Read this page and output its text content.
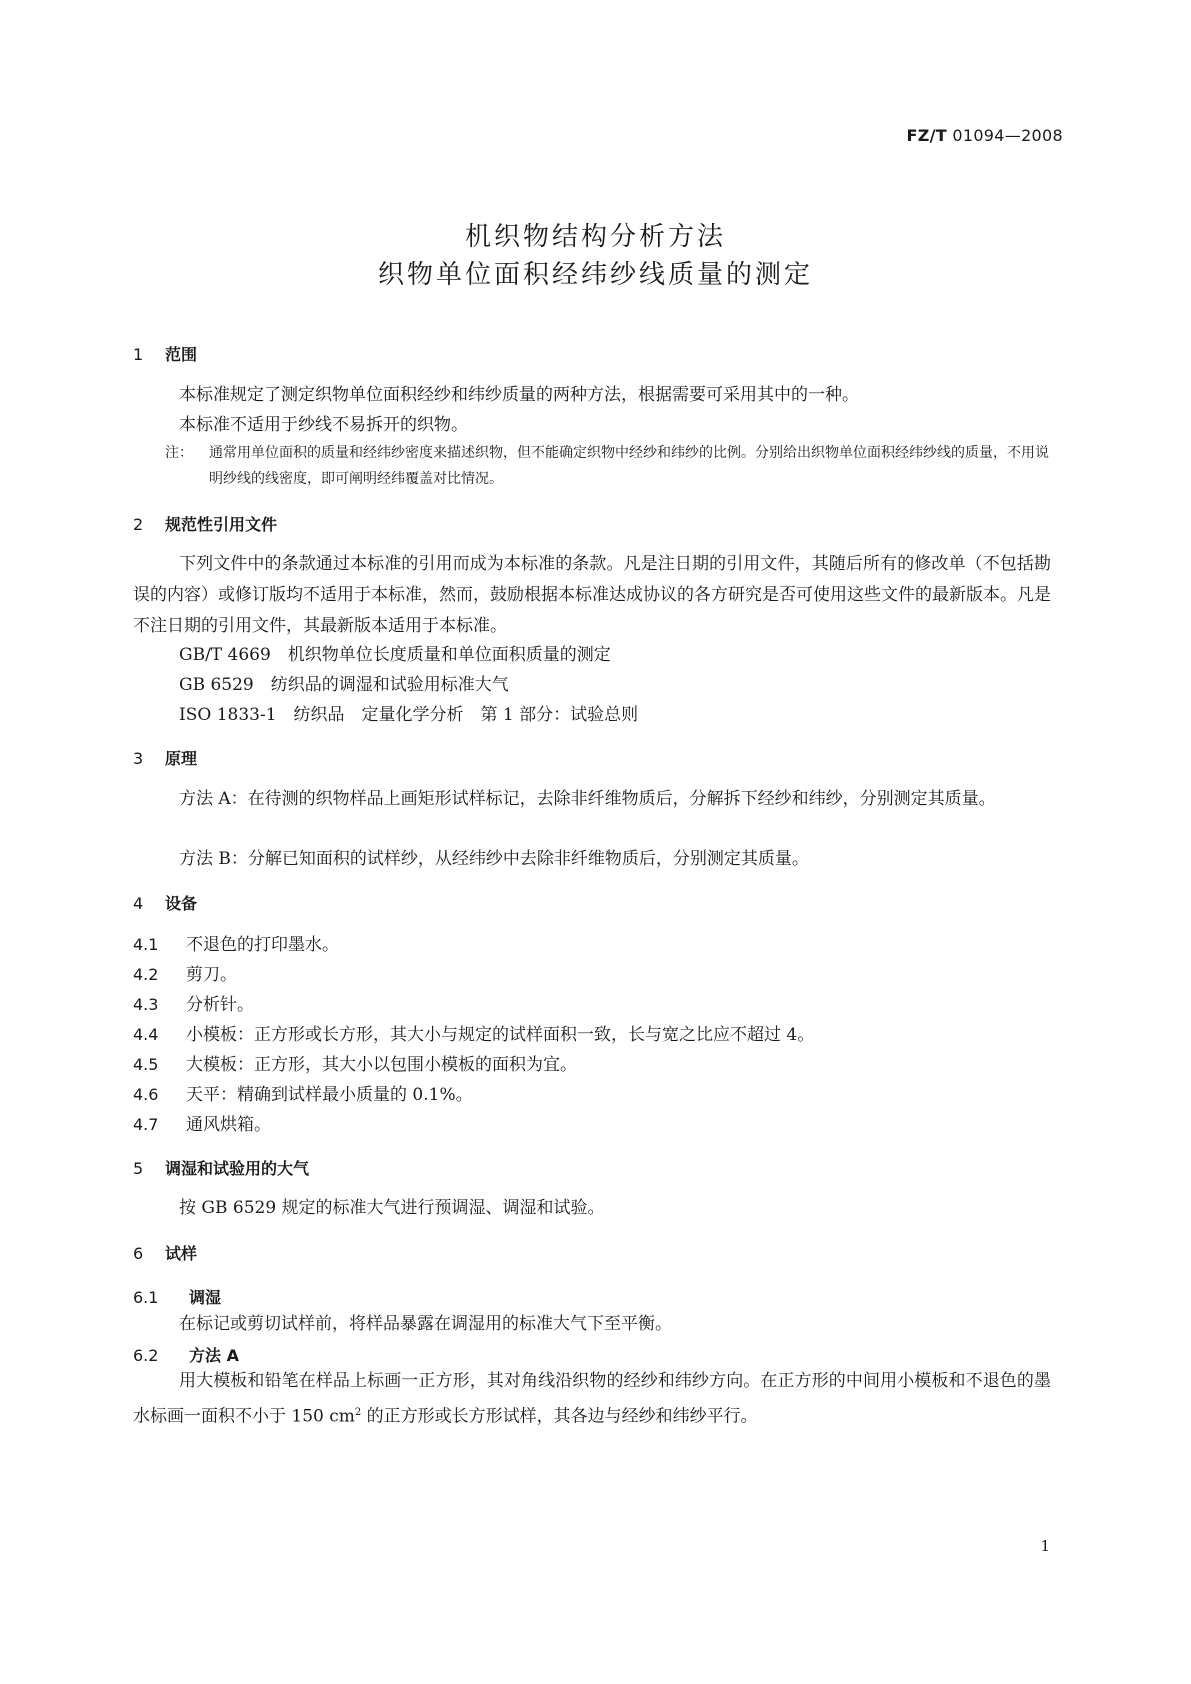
FZ/T 01094—2008
机织物结构分析方法
织物单位面积经纬纱线质量的测定
1 范围
本标准规定了测定织物单位面积经纱和纬纱质量的两种方法，根据需要可采用其中的一种。
本标准不适用于纱线不易拆开的织物。
注： 通常用单位面积的质量和经纬纱密度来描述织物，但不能确定织物中经纱和纬纱的比例。分别给出织物单位面积经纬纱线的质量，不用说明纱线的线密度，即可阐明经纬覆盖对比情况。
2 规范性引用文件
下列文件中的条款通过本标准的引用而成为本标准的条款。凡是注日期的引用文件，其随后所有的修改单（不包括勘误的内容）或修订版均不适用于本标准，然而，鼓励根据本标准达成协议的各方研究是否可使用这些文件的最新版本。凡是不注日期的引用文件，其最新版本适用于本标准。
GB/T 4669　机织物单位长度质量和单位面积质量的测定
GB 6529　纺织品的调湿和试验用标准大气
ISO 1833-1　纺织品　定量化学分析　第 1 部分：试验总则
3 原理
方法 A：在待测的织物样品上画矩形试样标记，去除非纤维物质后，分解拆下经纱和纬纱，分别测定其质量。
方法 B：分解已知面积的试样纱，从经纬纱中去除非纤维物质后，分别测定其质量。
4 设备
4.1 不退色的打印墨水。
4.2 剪刀。
4.3 分析针。
4.4 小模板：正方形或长方形，其大小与规定的试样面积一致，长与宽之比应不超过 4。
4.5 大模板：正方形，其大小以包围小模板的面积为宜。
4.6 天平：精确到试样最小质量的 0.1%。
4.7 通风烘箱。
5 调湿和试验用的大气
按 GB 6529 规定的标准大气进行预调湿、调湿和试验。
6 试样
6.1 调湿
在标记或剪切试样前，将样品暴露在调湿用的标准大气下至平衡。
6.2 方法 A
用大模板和铅笔在样品上标画一正方形，其对角线沿织物的经纱和纬纱方向。在正方形的中间用小模板和不退色的墨水标画一面积不小于 150 $cm^2$ 的正方形或长方形试样，其各边与经纱和纬纱平行。
1
